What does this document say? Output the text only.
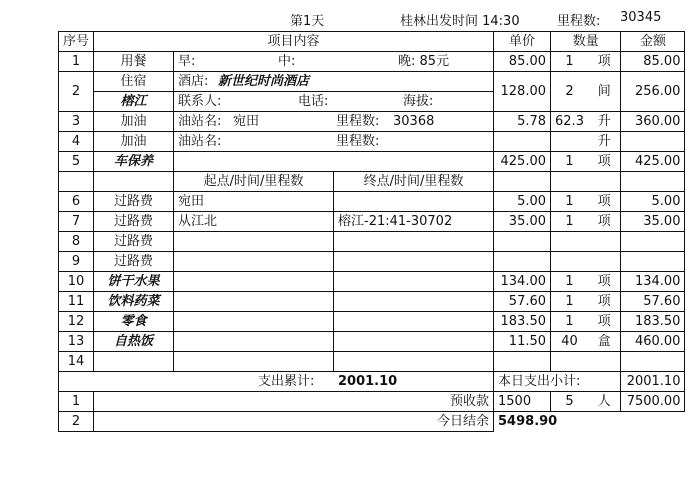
第1天	桂林出发时间 14:30	里程数: 30345
序号	项目内容			单价	数量		金额
1	用餐	早: 中: 晚: 85元		85.00	1	项	85.00
2	住宿	酒店: 新世纪时尚酒店		128.00	2	间	256.00
	榕江	联系人: 电话: 海拔:					

3	加油	油站名: 宛田 里程数: 30368		5.78	62.3	升	360.00
4	加油	油站名: 里程数:				升	
5	车保养			425.00	1	项	425.00
		起点/时间/里程数	终点/时间/里程数				
6	过路费	宛田		5.00	1	项	5.00
7	过路费	从江北	榕江-21:41-30702	35.00	1	项	35.00
8	过路费						
9	过路费						
10	饼干水果			134.00	1	项	134.00
11	饮料药菜			57.60	1	项	57.60
12	零食			183.50	1	项	183.50
13	自热饭			11.50	40	盒	460.00
14							

支出累计: 2001.10				本日支出小计:			2001.10
1	预收款			1500	5	人	7500.00
2	今日结余			5498.90			
